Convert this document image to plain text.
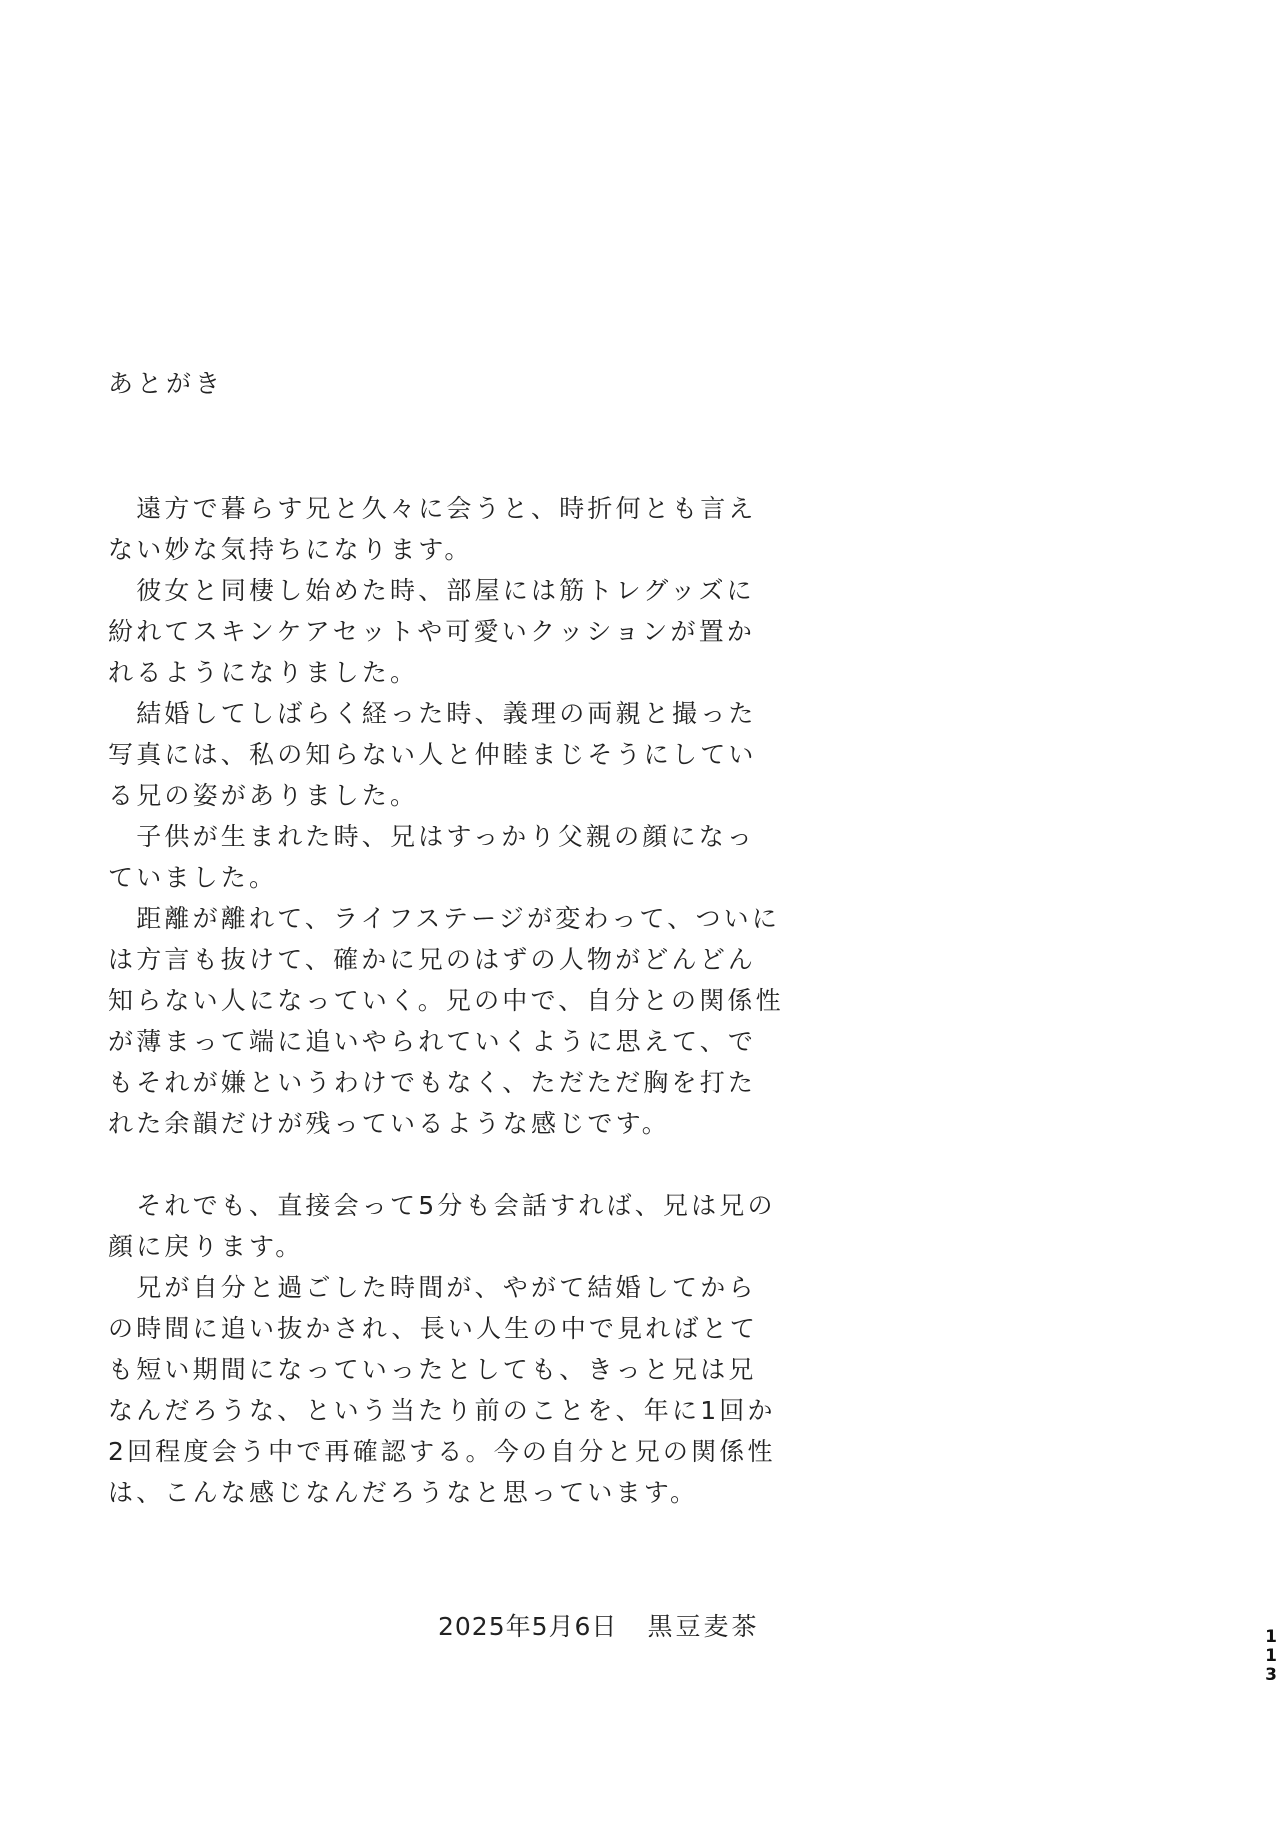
あとがき
　遠方で暮らす兄と久々に会うと、時折何とも言え
ない妙な気持ちになります。
　彼女と同棲し始めた時、部屋には筋トレグッズに
紛れてスキンケアセットや可愛いクッションが置か
れるようになりました。
　結婚してしばらく経った時、義理の両親と撮った
写真には、私の知らない人と仲睦まじそうにしてい
る兄の姿がありました。
　子供が生まれた時、兄はすっかり父親の顔になっ
ていました。
　距離が離れて、ライフステージが変わって、ついに
は方言も抜けて、確かに兄のはずの人物がどんどん
知らない人になっていく。兄の中で、自分との関係性
が薄まって端に追いやられていくように思えて、で
もそれが嫌というわけでもなく、ただただ胸を打た
れた余韻だけが残っているような感じです。
　それでも、直接会って5分も会話すれば、兄は兄の
顔に戻ります。
　兄が自分と過ごした時間が、やがて結婚してから
の時間に追い抜かされ、長い人生の中で見ればとて
も短い期間になっていったとしても、きっと兄は兄
なんだろうな、という当たり前のことを、年に1回か
2回程度会う中で再確認する。今の自分と兄の関係性
は、こんな感じなんだろうなと思っています。
2025年5月6日 黒豆麦茶	1
1
3
